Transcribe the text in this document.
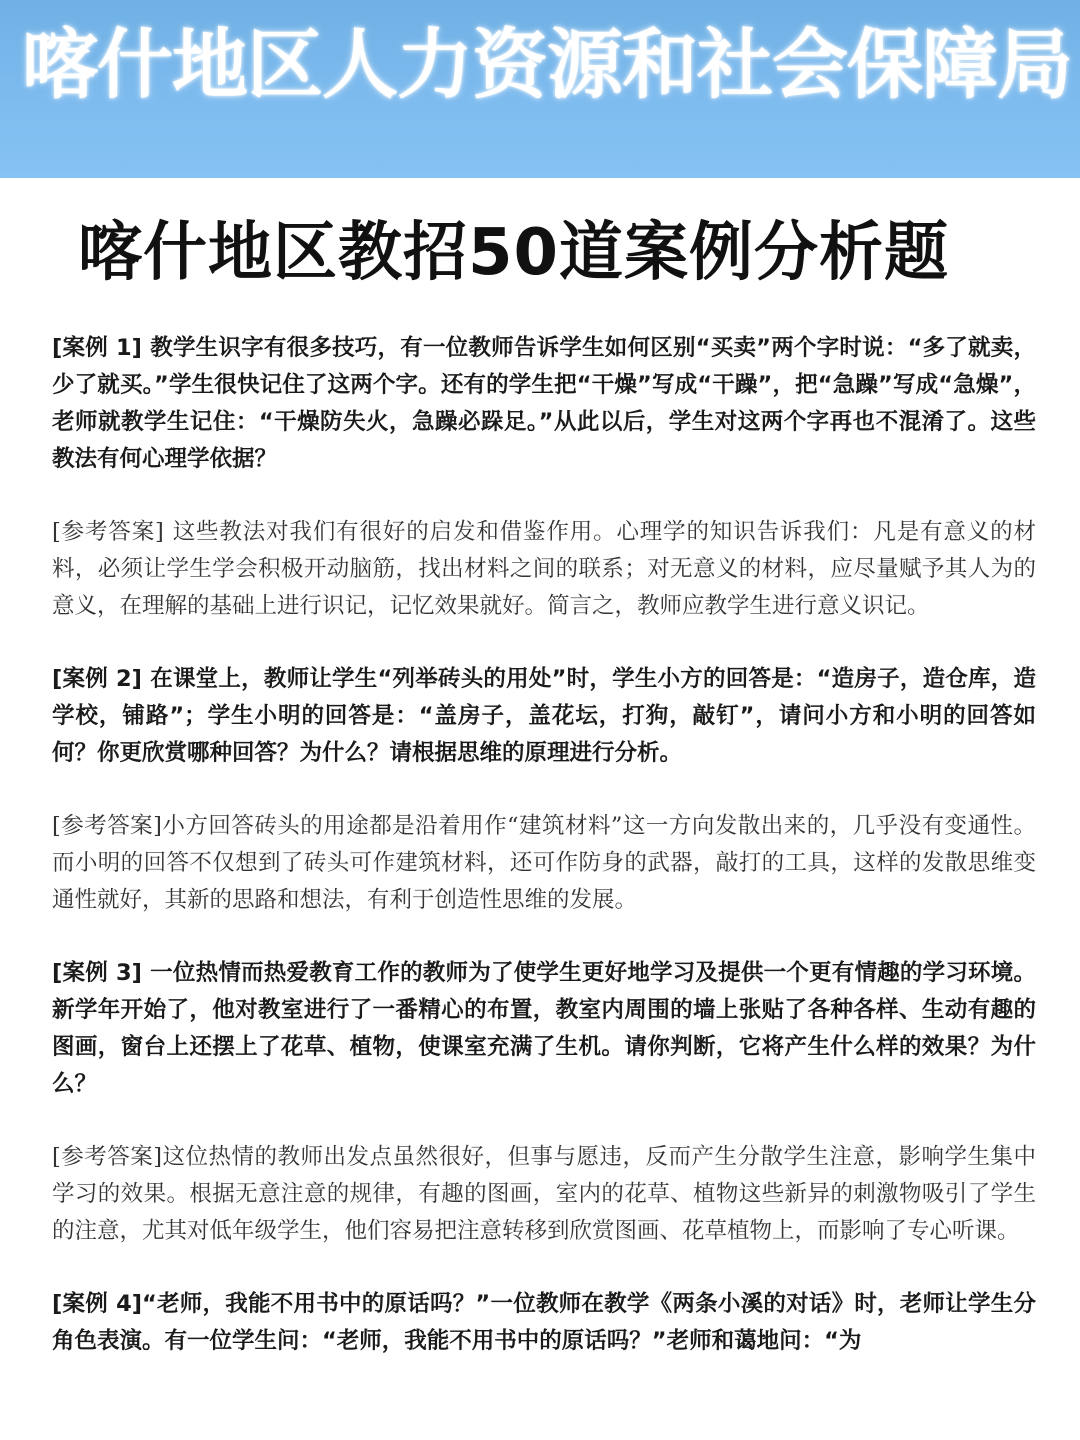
喀什地区人力资源和社会保障局
喀什地区教招50道案例分析题

[案例 1] 教学生识字有很多技巧，有一位教师告诉学生如何区别“买卖”两个字时说：“多了就卖，少了就买。”学生很快记住了这两个字。还有的学生把“干燥”写成“干躁”，把“急躁”写成“急燥”，老师就教学生记住：“干燥防失火，急躁必跺足。”从此以后，学生对这两个字再也不混淆了。这些教法有何心理学依据？

[参考答案] 这些教法对我们有很好的启发和借鉴作用。心理学的知识告诉我们：凡是有意义的材料，必须让学生学会积极开动脑筋，找出材料之间的联系；对无意义的材料，应尽量赋予其人为的意义，在理解的基础上进行识记，记忆效果就好。简言之，教师应教学生进行意义识记。

[案例 2] 在课堂上，教师让学生“列举砖头的用处”时，学生小方的回答是：“造房子，造仓库，造学校，铺路”；学生小明的回答是：“盖房子，盖花坛，打狗，敲钉”，请问小方和小明的回答如何？你更欣赏哪种回答？为什么？请根据思维的原理进行分析。

[参考答案]小方回答砖头的用途都是沿着用作“建筑材料”这一方向发散出来的，几乎没有变通性。而小明的回答不仅想到了砖头可作建筑材料，还可作防身的武器，敲打的工具，这样的发散思维变通性就好，其新的思路和想法，有利于创造性思维的发展。

[案例 3] 一位热情而热爱教育工作的教师为了使学生更好地学习及提供一个更有情趣的学习环境。新学年开始了，他对教室进行了一番精心的布置，教室内周围的墙上张贴了各种各样、生动有趣的图画，窗台上还摆上了花草、植物，使课室充满了生机。请你判断，它将产生什么样的效果？为什么？

[参考答案]这位热情的教师出发点虽然很好，但事与愿违，反而产生分散学生注意，影响学生集中学习的效果。根据无意注意的规律，有趣的图画，室内的花草、植物这些新异的刺激物吸引了学生的注意，尤其对低年级学生，他们容易把注意转移到欣赏图画、花草植物上，而影响了专心听课。

[案例 4]“老师，我能不用书中的原话吗？”一位教师在教学《两条小溪的对话》时，老师让学生分角色表演。有一位学生问：“老师，我能不用书中的原话吗？”老师和蔼地问：“为
